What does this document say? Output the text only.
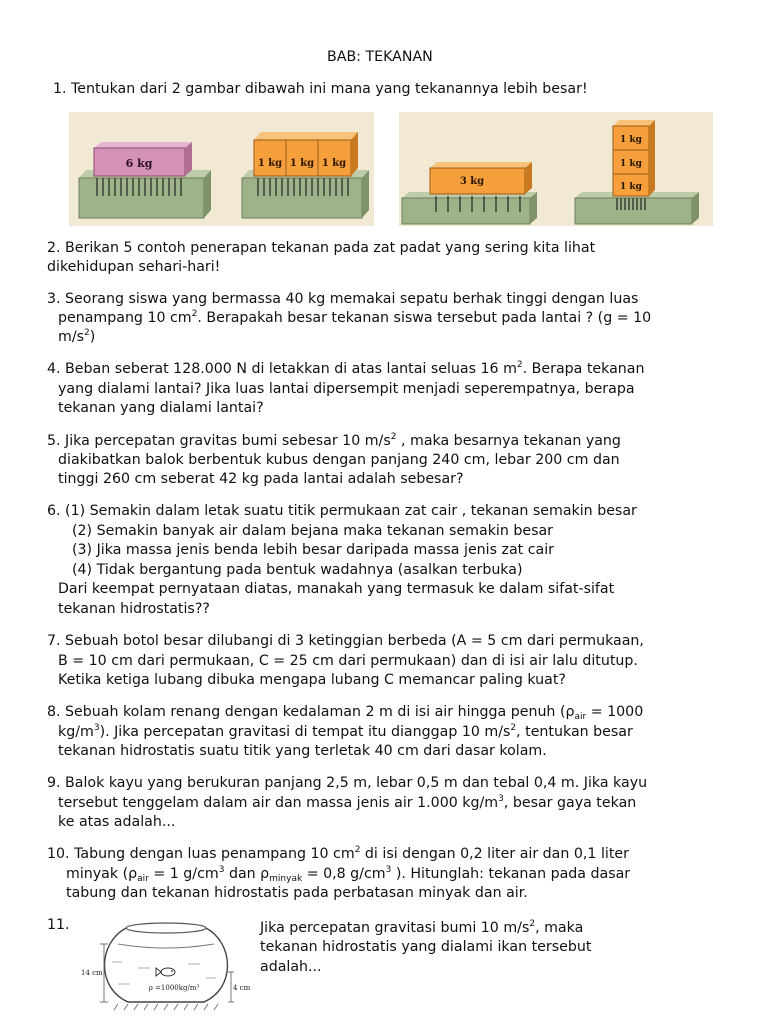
BAB: TEKANAN
1. Tentukan dari 2 gambar dibawah ini mana yang tekanannya lebih besar!
6 kg	1 kg 1 kg 1 kg
3 kg
1 kg
1 kg
1 kg
2. Berikan 5 contoh penerapan tekanan pada zat padat yang sering kita lihat
dikehidupan sehari-hari!
3. Seorang siswa yang bermassa 40 kg memakai sepatu berhak tinggi dengan luas
penampang 10 $cm^2$. Berapakah besar tekanan siswa tersebut pada lantai ? (g = 10
$m/s^2$)
4. Beban seberat 128.000 N di letakkan di atas lantai seluas 16 $m^2$. Berapa tekanan
yang dialami lantai? Jika luas lantai dipersempit menjadi seperempatnya, berapa
tekanan yang dialami lantai?
5. Jika percepatan gravitas bumi sebesar 10 $m/s^2$ , maka besarnya tekanan yang
diakibatkan balok berbentuk kubus dengan panjang 240 cm, lebar 200 cm dan
tinggi 260 cm seberat 42 kg pada lantai adalah sebesar?
6. (1) Semakin dalam letak suatu titik permukaan zat cair , tekanan semakin besar
(2) Semakin banyak air dalam bejana maka tekanan semakin besar
(3) Jika massa jenis benda lebih besar daripada massa jenis zat cair
(4) Tidak bergantung pada bentuk wadahnya (asalkan terbuka)
Dari keempat pernyataan diatas, manakah yang termasuk ke dalam sifat-sifat
tekanan hidrostatis??
7. Sebuah botol besar dilubangi di 3 ketinggian berbeda (A = 5 cm dari permukaan,
B = 10 cm dari permukaan, C = 25 cm dari permukaan) dan di isi air lalu ditutup.
Ketika ketiga lubang dibuka mengapa lubang C memancar paling kuat?
8. Sebuah kolam renang dengan kedalaman 2 m di isi air hingga penuh ($\rho_{air} = 1000$
$kg/m^3$). Jika percepatan gravitasi di tempat itu dianggap 10 $m/s^2$, tentukan besar
tekanan hidrostatis suatu titik yang terletak 40 cm dari dasar kolam.
9. Balok kayu yang berukuran panjang 2,5 m, lebar 0,5 m dan tebal 0,4 m. Jika kayu
tersebut tenggelam dalam air dan massa jenis air 1.000 $kg/m^3$, besar gaya tekan
ke atas adalah...
10. Tabung dengan luas penampang 10 $cm^2$ di isi dengan 0,2 liter air dan 0,1 liter
minyak ($\rho_{air} = 1$ $g/cm^3$ dan $\rho_{minyak} = 0,8$ $g/cm^3$ ). Hitunglah: tekanan pada dasar
tabung dan tekanan hidrostatis pada perbatasan minyak dan air.
11.
ρ =1000kg/m³
14 cm
4 cm
Jika percepatan gravitasi bumi 10 $m/s^2$, maka
tekanan hidrostatis yang dialami ikan tersebut
adalah...
